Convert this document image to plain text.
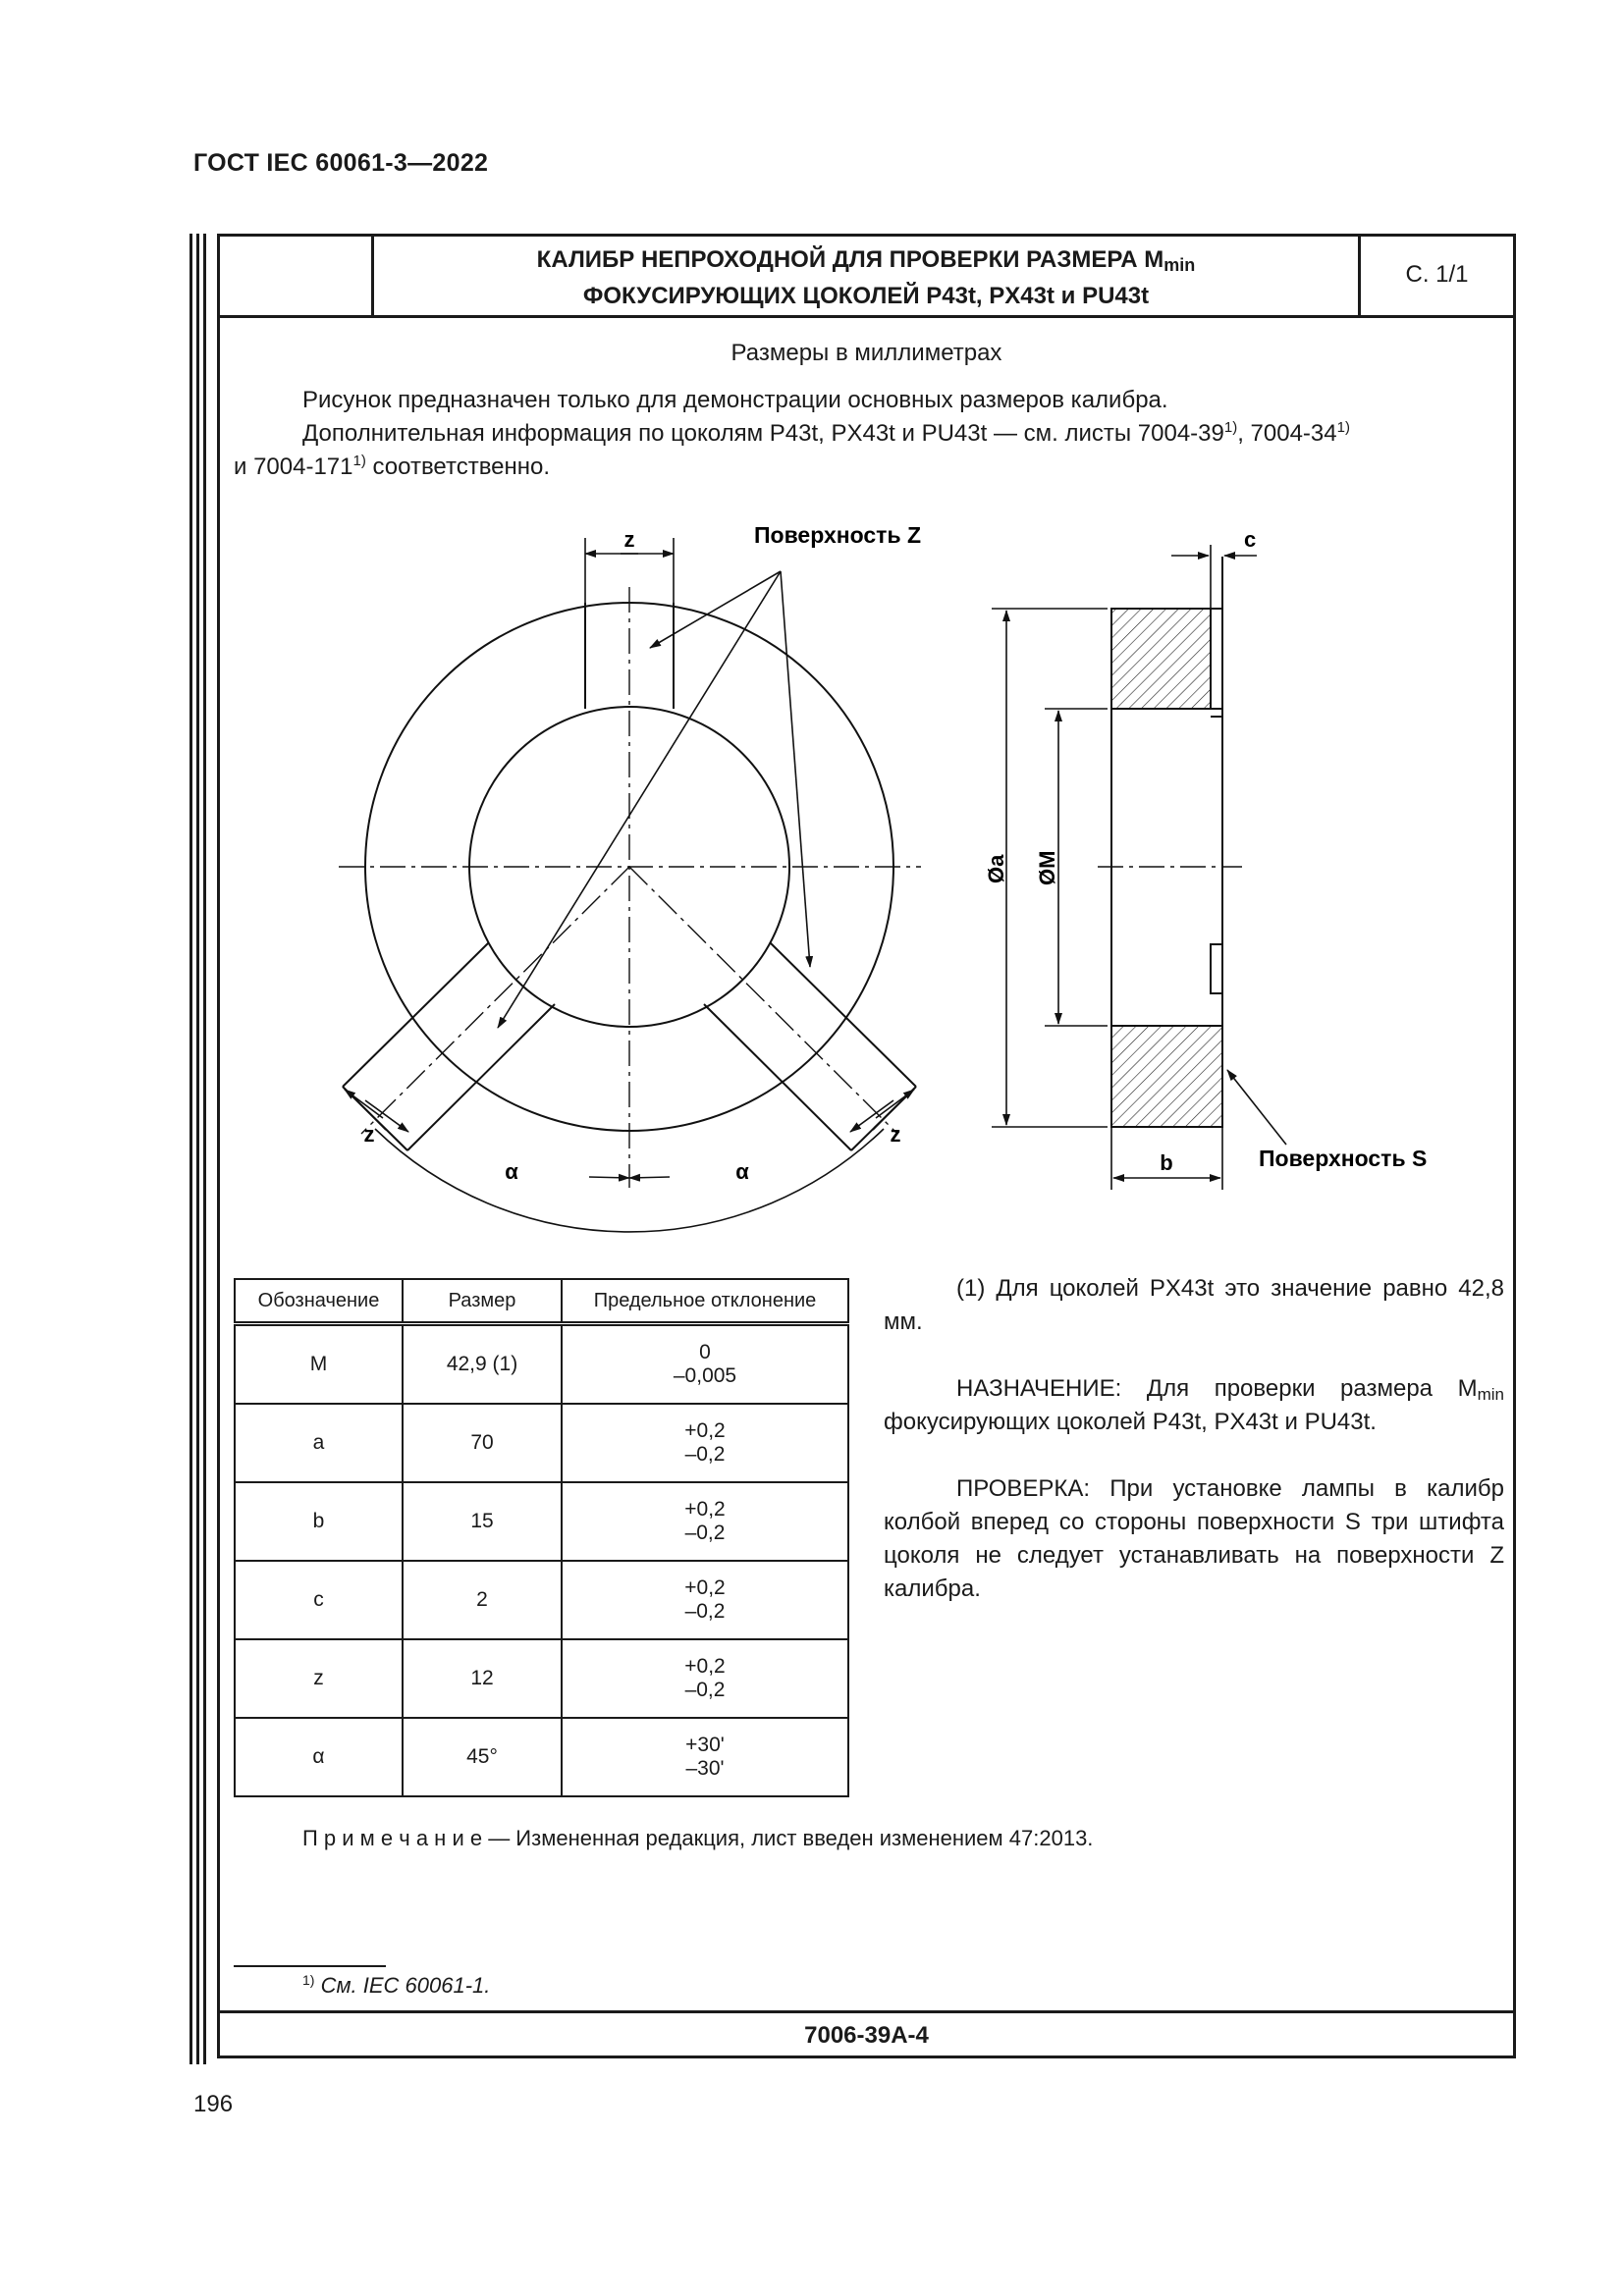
ГОСТ IEC 60061-3—2022
КАЛИБР НЕПРОХОДНОЙ ДЛЯ ПРОВЕРКИ РАЗМЕРА $M_{min}$
ФОКУСИРУЮЩИХ ЦОКОЛЕЙ P43t, PX43t и PU43t
С. 1/1
Размеры в миллиметрах
Рисунок предназначен только для демонстрации основных размеров калибра.
Дополнительная информация по цоколям P43t, PX43t и PU43t — см. листы 7004-39$^{1)}$, 7004-34$^{1)}$
и 7004-171$^{1)}$ соответственно.
z	Поверхность Z
z	z
α	α
c
Øa ØM
b	Поверхность S
Обозначение	Размер	Предельное отклонение
M	42,9 (1)	0
–0,005
a	70	+0,2
–0,2
b	15	+0,2
–0,2
c	2	+0,2
–0,2
z	12	+0,2
–0,2
α	45°	+30'
–30'
(1) Для цоколей PX43t это значение равно 42,8 мм.
НАЗНАЧЕНИЕ: Для проверки размера $M_{min}$ фокусирующих цоколей P43t, PX43t и PU43t.
ПРОВЕРКА: При установке лампы в калибр колбой вперед со стороны поверхности S три штифта цоколя не следует устанавливать на поверхности Z калибра.
П р и м е ч а н и е — Измененная редакция, лист введен изменением 47:2013.
$^{1)}$ См. IEC 60061-1.
7006-39A-4
196
